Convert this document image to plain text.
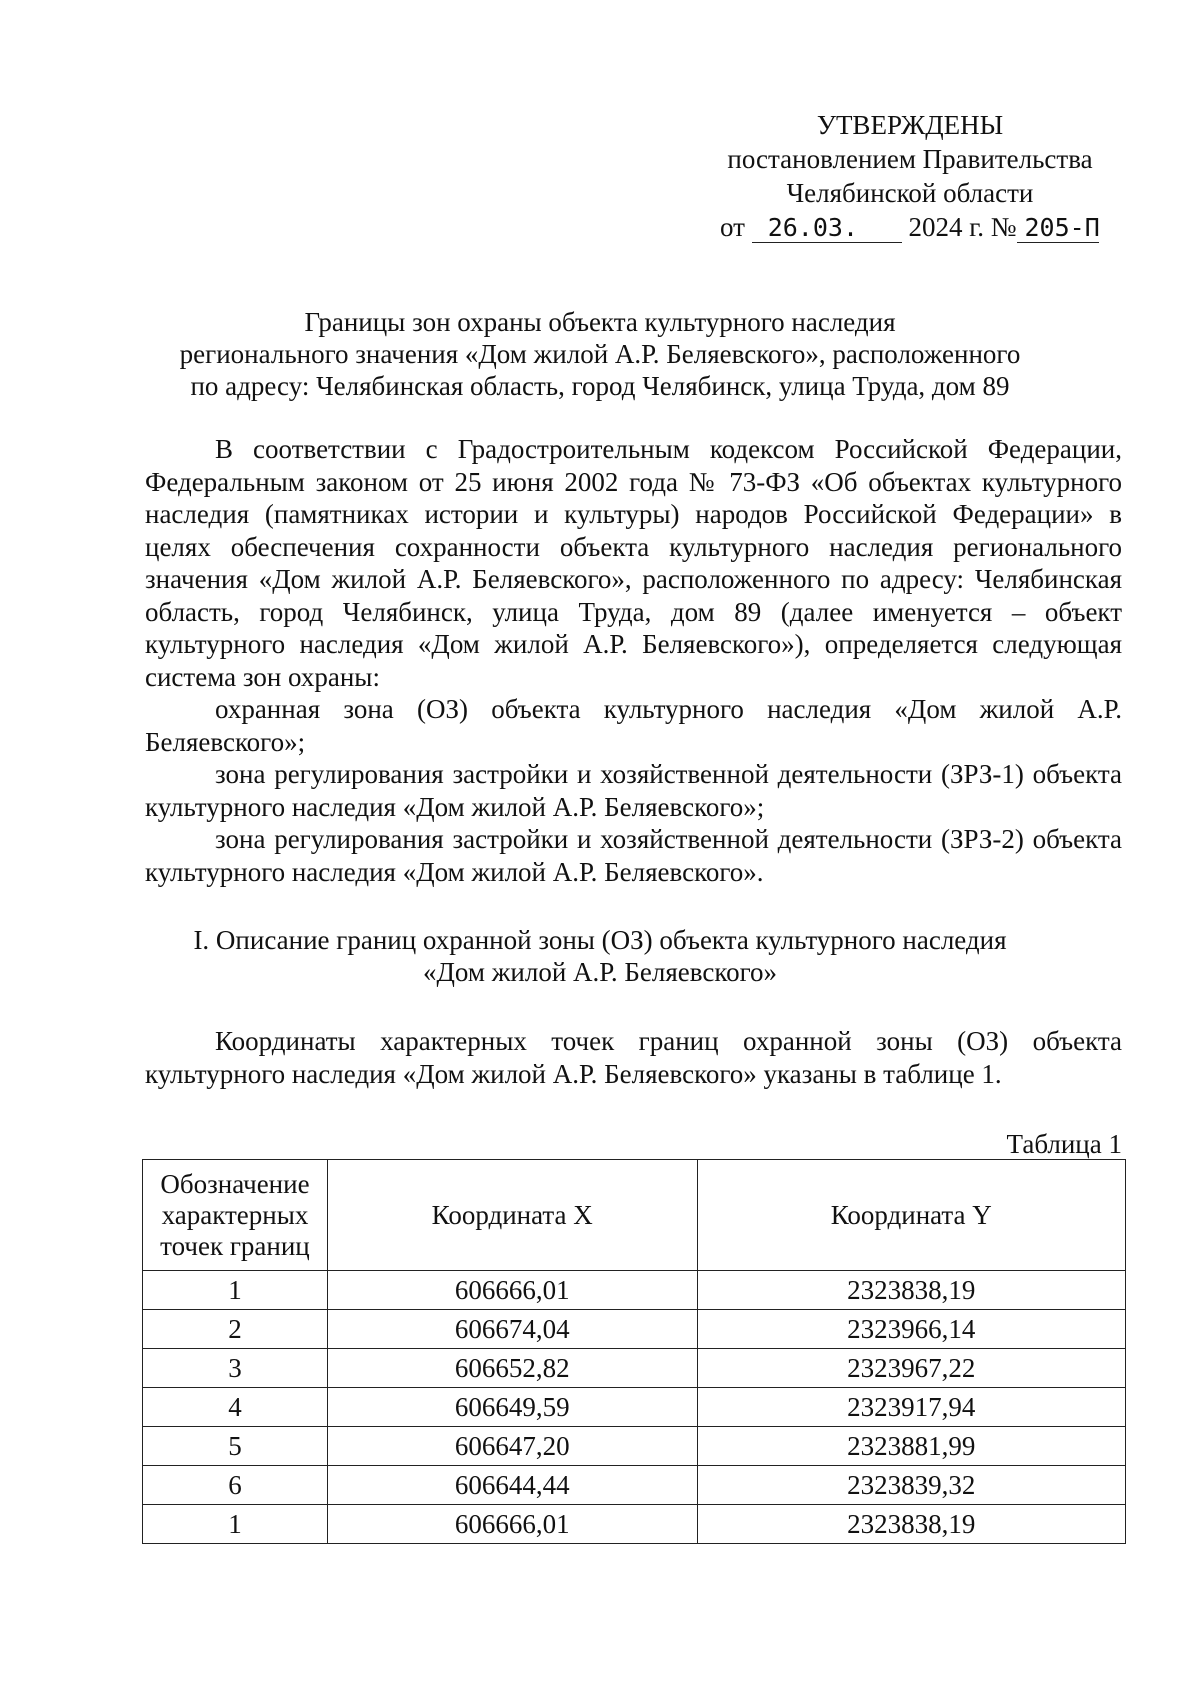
УТВЕРЖДЕНЫ
постановлением Правительства
Челябинской области
от 26.03. 2024 г. № 205-П
Границы зон охраны объекта культурного наследия
регионального значения «Дом жилой А.Р. Беляевского», расположенного
по адресу: Челябинская область, город Челябинск, улица Труда, дом 89

В соответствии с Градостроительным кодексом Российской Федерации, Федеральным законом от 25 июня 2002 года № 73-ФЗ «Об объектах культурного наследия (памятниках истории и культуры) народов Российской Федерации» в целях обеспечения сохранности объекта культурного наследия регионального значения «Дом жилой А.Р. Беляевского», расположенного по адресу: Челябинская область, город Челябинск, улица Труда, дом 89 (далее именуется – объект культурного наследия «Дом жилой А.Р. Беляевского»), определяется следующая система зон охраны:

охранная зона (ОЗ) объекта культурного наследия «Дом жилой А.Р. Беляевского»;

зона регулирования застройки и хозяйственной деятельности (ЗРЗ-1) объекта культурного наследия «Дом жилой А.Р. Беляевского»;

зона регулирования застройки и хозяйственной деятельности (ЗРЗ-2) объекта культурного наследия «Дом жилой А.Р. Беляевского».

I. Описание границ охранной зоны (ОЗ) объекта культурного наследия
«Дом жилой А.Р. Беляевского»

Координаты характерных точек границ охранной зоны (ОЗ) объекта культурного наследия «Дом жилой А.Р. Беляевского» указаны в таблице 1.

Таблица 1
Обозначение характерных точек границ	Координата X	Координата Y
1	606666,01	2323838,19
2	606674,04	2323966,14
3	606652,82	2323967,22
4	606649,59	2323917,94
5	606647,20	2323881,99
6	606644,44	2323839,32
1	606666,01	2323838,19
